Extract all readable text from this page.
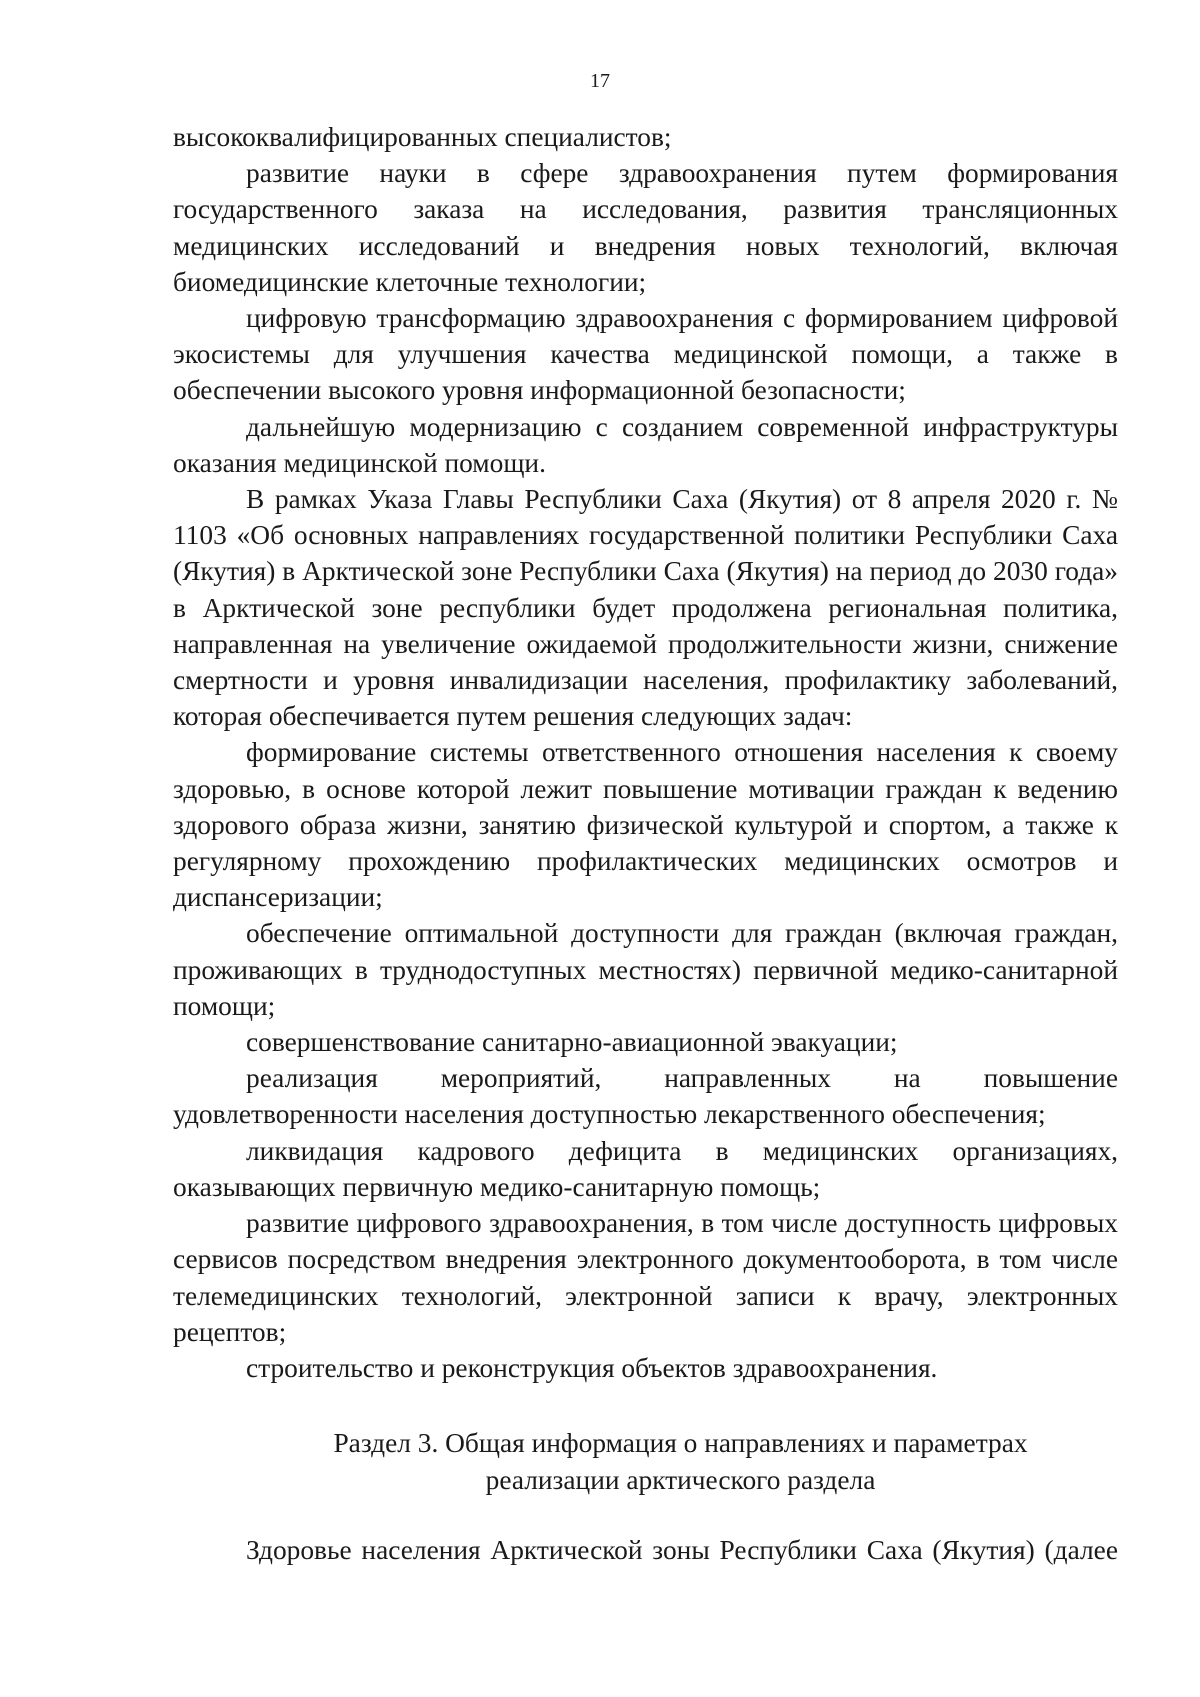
17

высококвалифицированных специалистов;

развитие науки в сфере здравоохранения путем формирования государственного заказа на исследования, развития трансляционных медицинских исследований и внедрения новых технологий, включая биомедицинские клеточные технологии;

цифровую трансформацию здравоохранения с формированием цифровой экосистемы для улучшения качества медицинской помощи, а также в обеспечении высокого уровня информационной безопасности;

дальнейшую модернизацию с созданием современной инфраструктуры оказания медицинской помощи.

В рамках Указа Главы Республики Саха (Якутия) от 8 апреля 2020 г. № 1103 «Об основных направлениях государственной политики Республики Саха (Якутия) в Арктической зоне Республики Саха (Якутия) на период до 2030 года» в Арктической зоне республики будет продолжена региональная политика, направленная на увеличение ожидаемой продолжительности жизни, снижение смертности и уровня инвалидизации населения, профилактику заболеваний, которая обеспечивается путем решения следующих задач:

формирование системы ответственного отношения населения к своему здоровью, в основе которой лежит повышение мотивации граждан к ведению здорового образа жизни, занятию физической культурой и спортом, а также к регулярному прохождению профилактических медицинских осмотров и диспансеризации;

обеспечение оптимальной доступности для граждан (включая граждан, проживающих в труднодоступных местностях) первичной медико-санитарной помощи;

совершенствование санитарно-авиационной эвакуации;

реализация мероприятий, направленных на повышение удовлетворенности населения доступностью лекарственного обеспечения;

ликвидация кадрового дефицита в медицинских организациях, оказывающих первичную медико-санитарную помощь;

развитие цифрового здравоохранения, в том числе доступность цифровых сервисов посредством внедрения электронного документооборота, в том числе телемедицинских технологий, электронной записи к врачу, электронных рецептов;

строительство и реконструкция объектов здравоохранения.

Раздел 3. Общая информация о направлениях и параметрах
реализации арктического раздела
Здоровье населения Арктической зоны Республики Саха (Якутия) (далее
